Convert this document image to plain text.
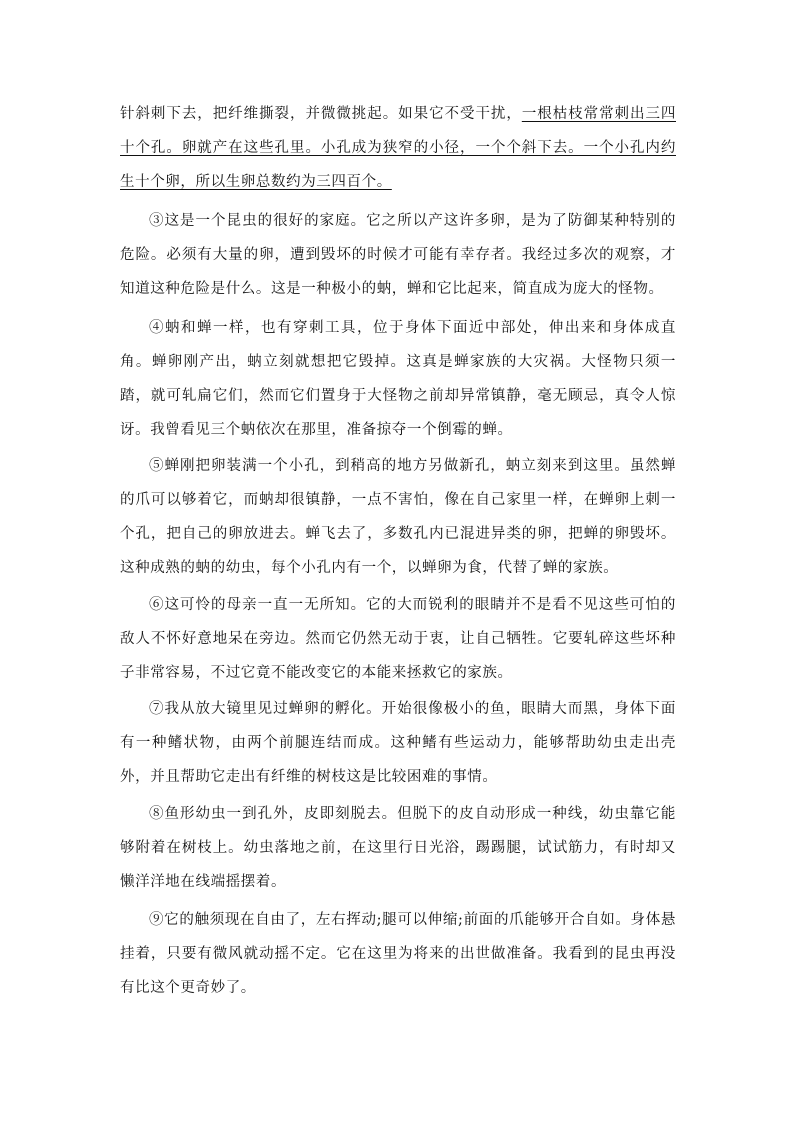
针斜刺下去，把纤维撕裂，并微微挑起。如果它不受干扰，一根枯枝常常刺出三四十个孔。卵就产在这些孔里。小孔成为狭窄的小径，一个个斜下去。一个小孔内约生十个卵，所以生卵总数约为三四百个。

③这是一个昆虫的很好的家庭。它之所以产这许多卵，是为了防御某种特别的危险。必须有大量的卵，遭到毁坏的时候才可能有幸存者。我经过多次的观察，才知道这种危险是什么。这是一种极小的蚋，蝉和它比起来，简直成为庞大的怪物。

④蚋和蝉一样，也有穿刺工具，位于身体下面近中部处，伸出来和身体成直角。蝉卵刚产出，蚋立刻就想把它毁掉。这真是蝉家族的大灾祸。大怪物只须一踏，就可轧扁它们，然而它们置身于大怪物之前却异常镇静，毫无顾忌，真令人惊讶。我曾看见三个蚋依次在那里，准备掠夺一个倒霉的蝉。

⑤蝉刚把卵装满一个小孔，到稍高的地方另做新孔，蚋立刻来到这里。虽然蝉的爪可以够着它，而蚋却很镇静，一点不害怕，像在自己家里一样，在蝉卵上刺一个孔，把自己的卵放进去。蝉飞去了，多数孔内已混进异类的卵，把蝉的卵毁坏。这种成熟的蚋的幼虫，每个小孔内有一个，以蝉卵为食，代替了蝉的家族。

⑥这可怜的母亲一直一无所知。它的大而锐利的眼睛并不是看不见这些可怕的敌人不怀好意地呆在旁边。然而它仍然无动于衷，让自己牺牲。它要轧碎这些坏种子非常容易，不过它竟不能改变它的本能来拯救它的家族。

⑦我从放大镜里见过蝉卵的孵化。开始很像极小的鱼，眼睛大而黑，身体下面有一种鳍状物，由两个前腿连结而成。这种鳍有些运动力，能够帮助幼虫走出壳外，并且帮助它走出有纤维的树枝这是比较困难的事情。

⑧鱼形幼虫一到孔外，皮即刻脱去。但脱下的皮自动形成一种线，幼虫靠它能够附着在树枝上。幼虫落地之前，在这里行日光浴，踢踢腿，试试筋力，有时却又懒洋洋地在线端摇摆着。

⑨它的触须现在自由了，左右挥动;腿可以伸缩;前面的爪能够开合自如。身体悬挂着，只要有微风就动摇不定。它在这里为将来的出世做准备。我看到的昆虫再没有比这个更奇妙了。
